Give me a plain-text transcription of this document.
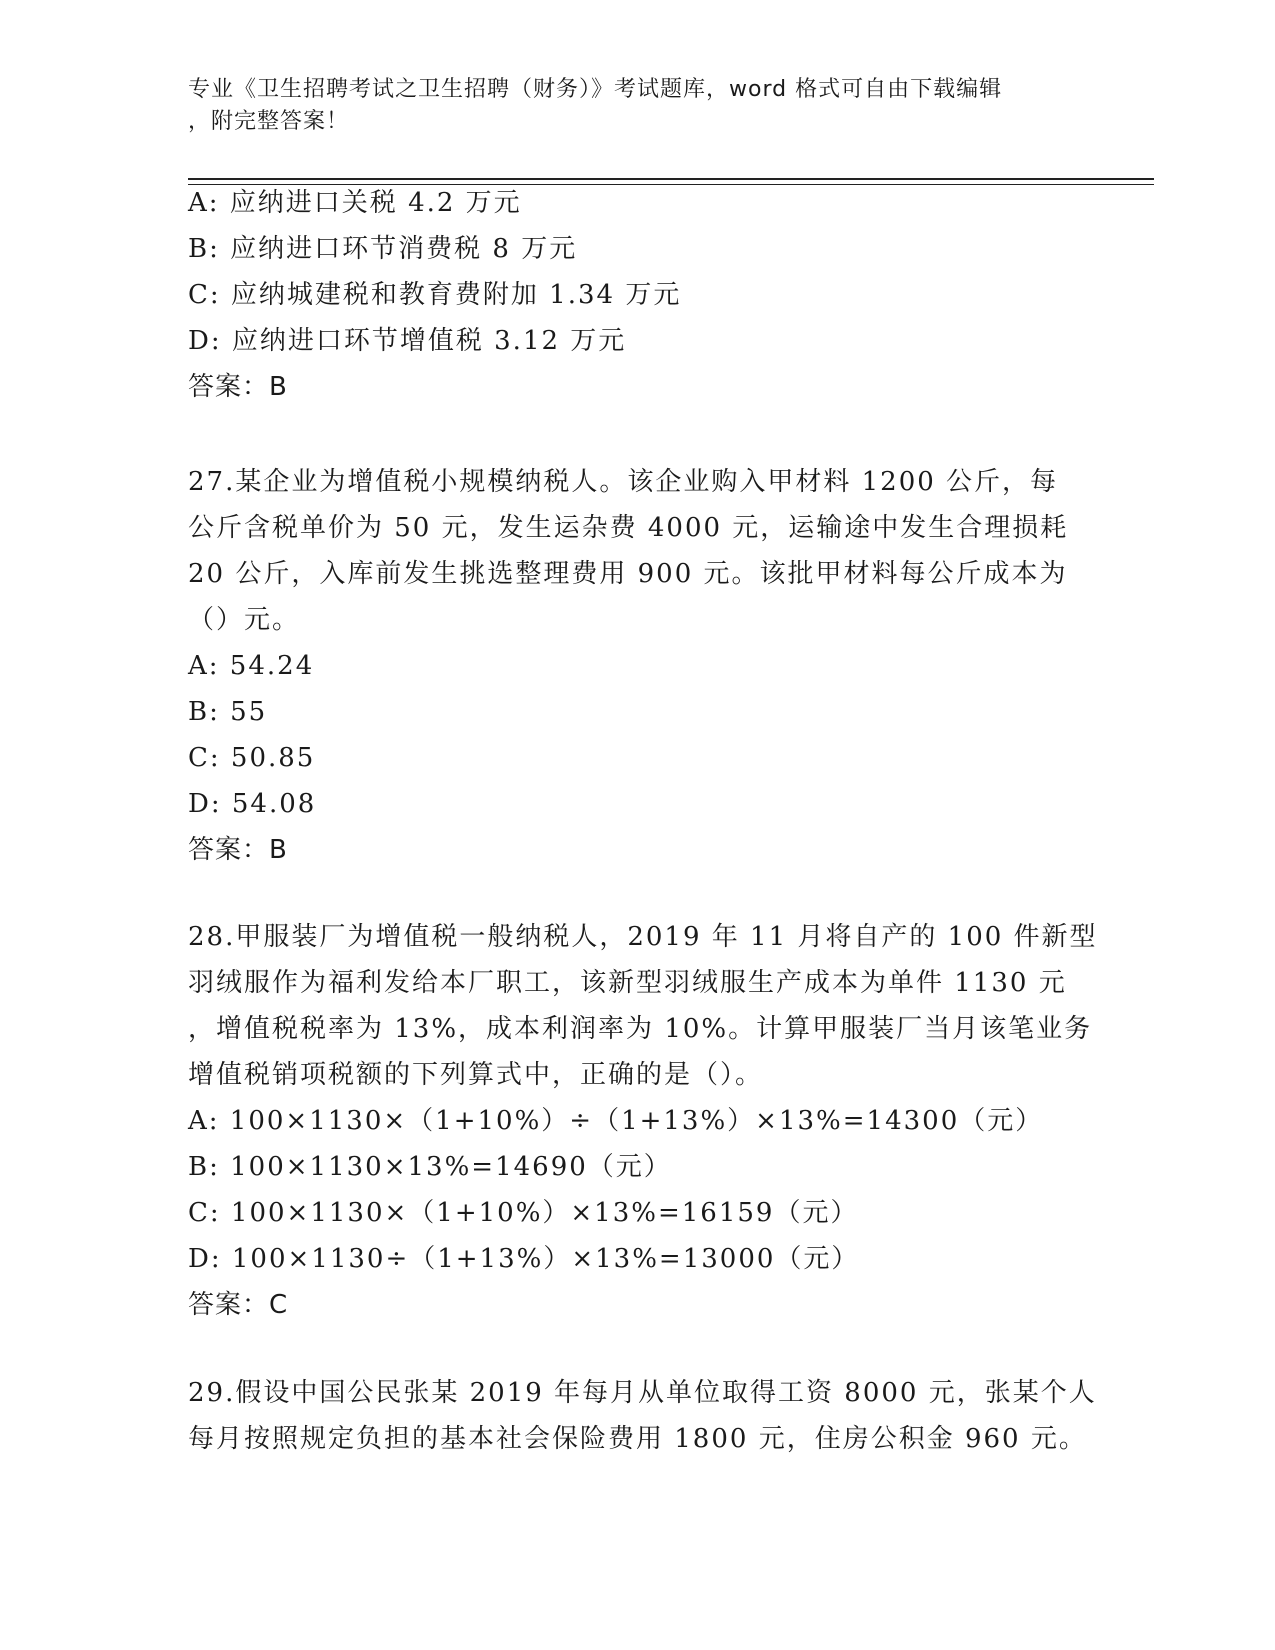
专业《卫生招聘考试之卫生招聘（财务）》考试题库，word 格式可自由下载编辑
，附完整答案！
A: 应纳进口关税 4.2 万元
B: 应纳进口环节消费税 8 万元
C: 应纳城建税和教育费附加 1.34 万元
D: 应纳进口环节增值税 3.12 万元
答案：B
27.某企业为增值税小规模纳税人。该企业购入甲材料 1200 公斤，每
公斤含税单价为 50 元，发生运杂费 4000 元，运输途中发生合理损耗
20 公斤，入库前发生挑选整理费用 900 元。该批甲材料每公斤成本为
（）元。
A: 54.24
B: 55
C: 50.85
D: 54.08
答案：B
28.甲服装厂为增值税一般纳税人，2019 年 11 月将自产的 100 件新型
羽绒服作为福利发给本厂职工，该新型羽绒服生产成本为单件 1130 元
，增值税税率为 13%，成本利润率为 10%。计算甲服装厂当月该笔业务
增值税销项税额的下列算式中，正确的是（）。
A: 100×1130×（1+10%）÷（1+13%）×13%=14300（元）
B: 100×1130×13%=14690（元）
C: 100×1130×（1+10%）×13%=16159（元）
D: 100×1130÷（1+13%）×13%=13000（元）
答案：C
29.假设中国公民张某 2019 年每月从单位取得工资 8000 元，张某个人
每月按照规定负担的基本社会保险费用 1800 元，住房公积金 960 元。
